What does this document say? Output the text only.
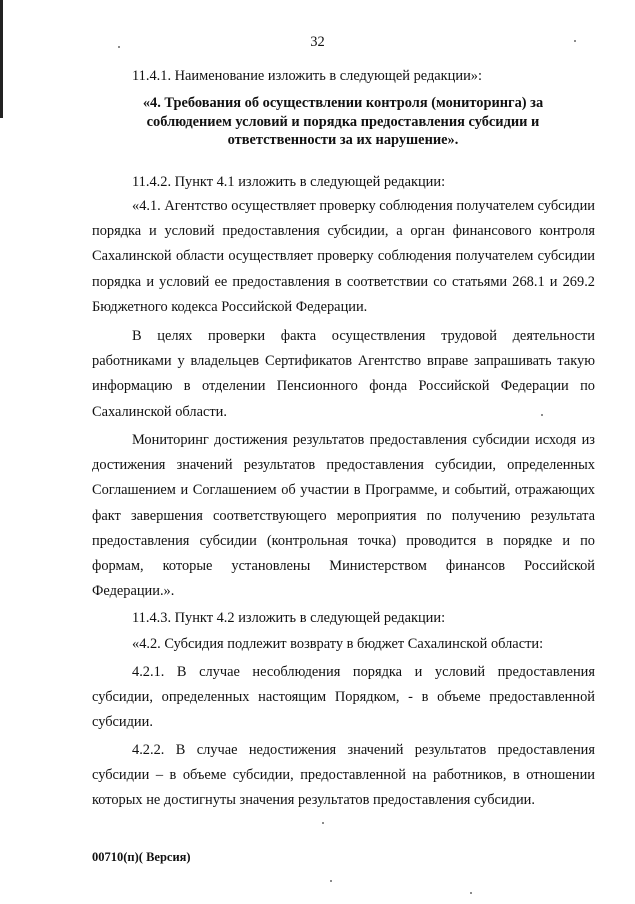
32
11.4.1. Наименование изложить в следующей редакции»:
«4. Требования об осуществлении контроля (мониторинга) за соблюдением условий и порядка предоставления субсидии и ответственности за их нарушение».
11.4.2. Пункт 4.1 изложить в следующей редакции:
«4.1. Агентство осуществляет проверку соблюдения получателем субсидии порядка и условий предоставления субсидии, а орган финансового контроля Сахалинской области осуществляет проверку соблюдения получателем субсидии порядка и условий ее предоставления в соответствии со статьями 268.1 и 269.2 Бюджетного кодекса Российской Федерации.
В целях проверки факта осуществления трудовой деятельности работниками у владельцев Сертификатов Агентство вправе запрашивать такую информацию в отделении Пенсионного фонда Российской Федерации по Сахалинской области.
Мониторинг достижения результатов предоставления субсидии исходя из достижения значений результатов предоставления субсидии, определенных Соглашением и Соглашением об участии в Программе, и событий, отражающих факт завершения соответствующего мероприятия по получению результата предоставления субсидии (контрольная точка) проводится в порядке и по формам, которые установлены Министерством финансов Российской Федерации.».
11.4.3. Пункт 4.2 изложить в следующей редакции:
«4.2. Субсидия подлежит возврату в бюджет Сахалинской области:
4.2.1. В случае несоблюдения порядка и условий предоставления субсидии, определенных настоящим Порядком, - в объеме предоставленной субсидии.
4.2.2. В случае недостижения значений результатов предоставления субсидии – в объеме субсидии, предоставленной на работников, в отношении которых не достигнуты значения результатов предоставления субсидии.
00710(п)( Версия)
